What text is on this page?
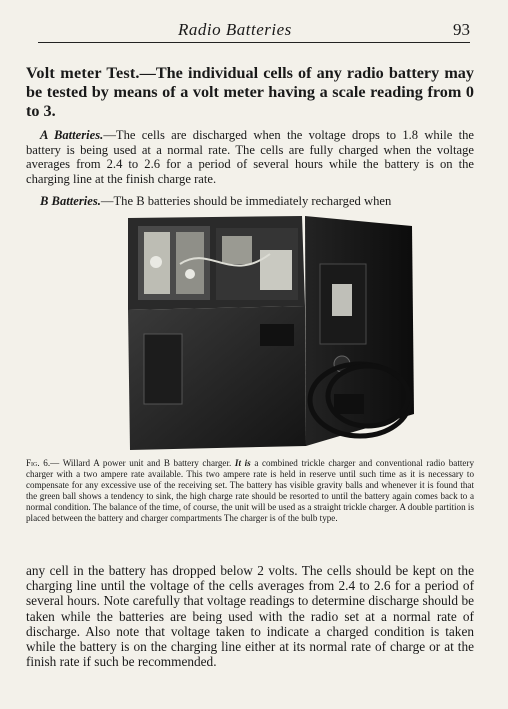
Radio Batteries	93

Volt meter Test.—The individual cells of any radio battery may be tested by means of a volt meter having a scale reading from 0 to 3.

A Batteries.—The cells are discharged when the voltage drops to 1.8 while the battery is being used at a normal rate. The cells are fully charged when the voltage averages from 2.4 to 2.6 for a period of several hours while the battery is on the charging line at the finish charge rate.

B Batteries.—The B batteries should be immediately recharged when

Fig. 6.— Willard A power unit and B battery charger. It is a combined trickle charger and conventional radio battery charger with a two ampere rate available. This two ampere rate is held in reserve until such time as it is necessary to compensate for any excessive use of the receiving set. The battery has visible gravity balls and whenever it is found that the green ball shows a tendency to sink, the high charge rate should be resorted to until the battery again comes back to a normal condition. The balance of the time, of course, the unit will be used as a straight trickle charger. A double partition is placed between the battery and charger compartments The charger is of the bulb type.

any cell in the battery has dropped below 2 volts. The cells should be kept on the charging line until the voltage of the cells averages from 2.4 to 2.6 for a period of several hours. Note carefully that voltage readings to determine discharge should be taken while the batteries are being used with the radio set at a normal rate of discharge. Also note that voltage taken to indicate a charged condition is taken while the battery is on the charging line either at its normal rate of charge or at the finish rate if such be recommended.
